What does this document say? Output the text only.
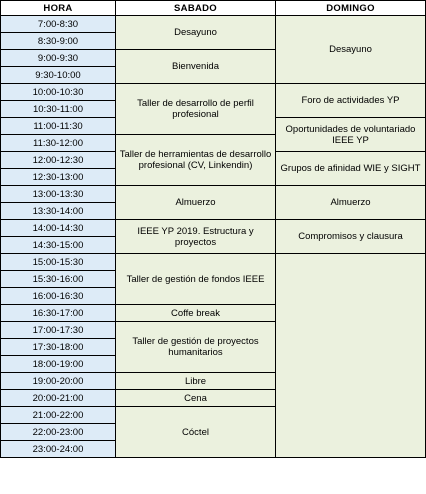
HORA	SABADO	DOMINGO
7:00-8:30	Desayuno	Desayuno
8:30-9:00		
9:00-9:30	Bienvenida	
9:30-10:00		
10:00-10:30	Taller de desarrollo de perfil profesional	Foro de actividades YP
10:30-11:00		
11:00-11:30		Oportunidades de voluntariado IEEE YP
11:30-12:00	Taller de herramientas de desarrollo profesional (CV, Linkendin)	
12:00-12:30		Grupos de afinidad WIE y SIGHT
12:30-13:00		
13:00-13:30	Almuerzo	Almuerzo
13:30-14:00		
14:00-14:30	IEEE YP 2019. Estructura y proyectos	Compromisos y clausura
14:30-15:00		
15:00-15:30	Taller de gestión de fondos IEEE	
15:30-16:00		
16:00-16:30		
16:30-17:00	Coffe break	
17:00-17:30	Taller de gestión de proyectos humanitarios	
17:30-18:00		
18:00-19:00		
19:00-20:00	Libre	
20:00-21:00	Cena	
21:00-22:00	Cóctel	
22:00-23:00		
23:00-24:00		
